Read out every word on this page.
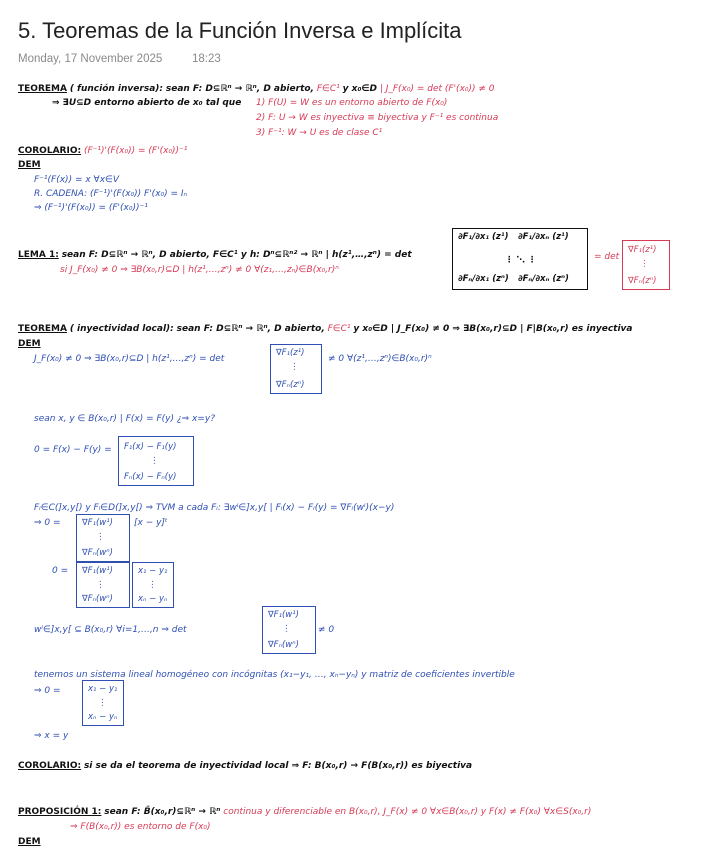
5. Teoremas de la Función Inversa e Implícita
Monday, 17 November 2025	18:23
TEOREMA ( función inversa): sean F: D⊆ℝⁿ → ℝⁿ, D abierto, F∈C¹ y x₀∈D | J_F(x₀) = det (F'(x₀)) ≠ 0
⇒ ∃U⊆D entorno abierto de x₀ tal que 1) F(U) = W es un entorno abierto de F(x₀)
2) F: U → W es inyectiva ≡ biyectiva y F⁻¹ es continua
3) F⁻¹: W → U es de clase C¹
COROLARIO: (F⁻¹)'(F(x₀)) = (F'(x₀))⁻¹
DEM
F⁻¹(F(x)) = x ∀x∈V
R. CADENA: (F⁻¹)'(F(x₀)) F'(x₀) = Iₙ
⇒ (F⁻¹)'(F(x₀)) = (F'(x₀))⁻¹
LEMA 1: sean F: D⊆ℝⁿ → ℝⁿ, D abierto, F∈C¹ y h: Dⁿ⊆ℝⁿ² → ℝⁿ | h(z¹,…,zⁿ) = det
si J_F(x₀) ≠ 0 ⇒ ∃B(x₀,r)⊆D | h(z¹,…,zⁿ) ≠ 0 ∀(z₁,…,zₙ)∈B(x₀,r)ⁿ
∂F₁/∂x₁ (z¹) ∂F₁/∂xₙ (z¹)
⋮ ⋱ ⋮
∂Fₙ/∂x₁ (zⁿ) ∂Fₙ/∂xₙ (zⁿ)
= det
∇F₁(z¹)
⋮
∇Fₙ(zⁿ)
TEOREMA ( inyectividad local): sean F: D⊆ℝⁿ → ℝⁿ, D abierto, F∈C¹ y x₀∈D | J_F(x₀) ≠ 0 ⇒ ∃B(x₀,r)⊆D | F|B(x₀,r) es inyectiva
DEM
J_F(x₀) ≠ 0 ⇒ ∃B(x₀,r)⊆D | h(z¹,…,zⁿ) = det
∇F₁(z¹)
⋮
∇Fₙ(zⁿ)
≠ 0 ∀(z¹,…,zⁿ)∈B(x₀,r)ⁿ
sean x, y ∈ B(x₀,r) | F(x) = F(y) ¿⇒ x=y?
0 = F(x) − F(y) = F₁(x) − F₁(y)
⋮
Fₙ(x) − Fₙ(y)
Fᵢ∈C(]x,y[) y Fᵢ∈D(]x,y[) ⇒ TVM a cada Fᵢ: ∃wⁱ∈]x,y[ | Fᵢ(x) − Fᵢ(y) = ∇Fᵢ(wⁱ)(x−y)
⇒ 0 =	∇F₁(w¹)
⋮
∇Fₙ(wⁿ)
[x − y]ᵗ
0 = ∇F₁(w¹)
⋮
∇Fₙ(wⁿ)
x₁ − y₁
⋮
xₙ − yₙ
wⁱ∈]x,y[ ⊆ B(x₀,r) ∀i=1,…,n ⇒ det
∇F₁(w¹)
⋮
∇Fₙ(wⁿ)
≠ 0
tenemos un sistema lineal homogéneo con incógnitas (x₁−y₁, …, xₙ−yₙ) y matriz de coeficientes invertible
⇒ 0 =	x₁ − y₁
⋮
xₙ − yₙ
⇒ x = y
COROLARIO: si se da el teorema de inyectividad local ⇒ F: B(x₀,r) → F(B(x₀,r)) es biyectiva
PROPOSICIÓN 1: sean F: B̄(x₀,r)⊆ℝⁿ → ℝⁿ continua y diferenciable en B(x₀,r), J_F(x) ≠ 0 ∀x∈B(x₀,r) y F(x) ≠ F(x₀) ∀x∈S(x₀,r)
⇒ F(B(x₀,r)) es entorno de F(x₀)
DEM
